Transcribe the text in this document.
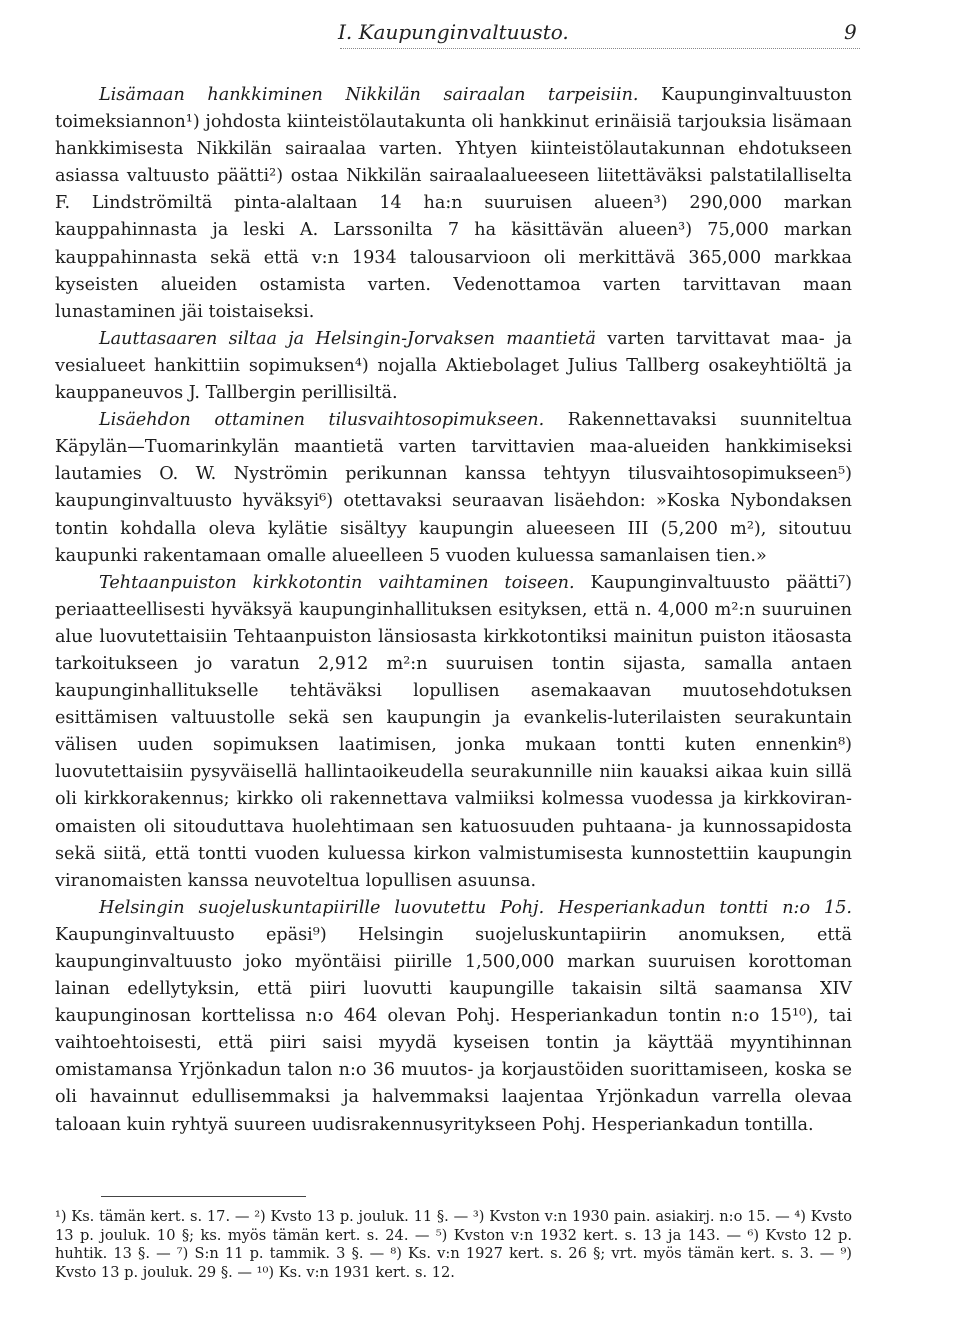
I. Kaupunginvaltuusto.	9

Lisämaan hankkiminen Nikkilän sairaalan tarpeisiin. Kaupunginvaltuuston toimeksiannon¹) johdosta kiinteistölautakunta oli hankkinut erinäisiä tarjouksia lisämaan hankkimisesta Nikkilän sairaalaa varten. Yhtyen kiinteistölautakunnan ehdotukseen asiassa valtuusto päätti²) ostaa Nikkilän sairaalaalueeseen liitettäväksi palstatilalliselta F. Lindströmiltä pinta-alaltaan 14 ha:n suuruisen alueen³) 290,000 markan kauppahinnasta ja leski A. Larssonilta 7 ha käsittävän alueen³) 75,000 markan kauppahinnasta sekä että v:n 1934 talousarvioon oli merkittävä 365,000 markkaa kyseisten alueiden ostamista varten. Vedenottamoa varten tarvittavan maan lunastaminen jäi toistaiseksi.

Lauttasaaren siltaa ja Helsingin-Jorvaksen maantietä varten tarvittavat maa- ja vesialueet hankittiin sopimuksen⁴) nojalla Aktiebolaget Julius Tallberg osakeyhtiöltä ja kauppaneuvos J. Tallbergin perillisiltä.

Lisäehdon ottaminen tilusvaihtosopimukseen. Rakennettavaksi suunniteltua Käpylän—Tuomarinkylän maantietä varten tarvittavien maa-alueiden hankkimiseksi lautamies O. W. Nyströmin perikunnan kanssa tehtyyn tilusvaihtosopimukseen⁵) kaupunginvaltuusto hyväksyi⁶) otettavaksi seuraavan lisäehdon: »Koska Nybondaksen tontin kohdalla oleva kylätie sisältyy kaupungin alueeseen III (5,200 m²), sitoutuu kaupunki rakentamaan omalle alueelleen 5 vuoden kuluessa samanlaisen tien.»

Tehtaanpuiston kirkkotontin vaihtaminen toiseen. Kaupunginvaltuusto päätti⁷) periaatteellisesti hyväksyä kaupunginhallituksen esityksen, että n. 4,000 m²:n suuruinen alue luovutettaisiin Tehtaanpuiston länsiosasta kirkkotontiksi mainitun puiston itäosasta tarkoitukseen jo varatun 2,912 m²:n suuruisen tontin sijasta, samalla antaen kaupunginhallitukselle tehtäväksi lopullisen asemakaavan muutosehdotuksen esittämisen valtuustolle sekä sen kaupungin ja evankelis-luterilaisten seurakuntain välisen uuden sopimuksen laatimisen, jonka mukaan tontti kuten ennenkin⁸) luovutettaisiin pysyväisellä hallintaoikeudella seurakunnille niin kauaksi aikaa kuin sillä oli kirkkorakennus; kirkko oli rakennettava valmiiksi kolmessa vuodessa ja kirkkoviranomaisten oli sitouduttava huolehtimaan sen katuosuuden puhtaana- ja kunnossapidosta sekä siitä, että tontti vuoden kuluessa kirkon valmistumisesta kunnostettiin kaupungin viranomaisten kanssa neuvoteltua lopullisen asuunsa.

Helsingin suojeluskuntapiirille luovutettu Pohj. Hesperiankadun tontti n:o 15. Kaupunginvaltuusto epäsi⁹) Helsingin suojeluskuntapiirin anomuksen, että kaupunginvaltuusto joko myöntäisi piirille 1,500,000 markan suuruisen korottoman lainan edellytyksin, että piiri luovutti kaupungille takaisin siltä saamansa XIV kaupunginosan korttelissa n:o 464 olevan Pohj. Hesperiankadun tontin n:o 15¹⁰), tai vaihtoehtoisesti, että piiri saisi myydä kyseisen tontin ja käyttää myyntihinnan omistamansa Yrjönkadun talon n:o 36 muutos- ja korjaustöiden suorittamiseen, koska se oli havainnut edullisemmaksi ja halvemmaksi laajentaa Yrjönkadun varrella olevaa taloaan kuin ryhtyä suureen uudisrakennusyritykseen Pohj. Hesperiankadun tontilla.

¹) Ks. tämän kert. s. 17. — ²) Kvsto 13 p. jouluk. 11 §. — ³) Kvston v:n 1930 pain. asiakirj. n:o 15. — ⁴) Kvsto 13 p. jouluk. 10 §; ks. myös tämän kert. s. 24. — ⁵) Kvston v:n 1932 kert. s. 13 ja 143. — ⁶) Kvsto 12 p. huhtik. 13 §. — ⁷) S:n 11 p. tammik. 3 §. — ⁸) Ks. v:n 1927 kert. s. 26 §; vrt. myös tämän kert. s. 3. — ⁹) Kvsto 13 p. jouluk. 29 §. — ¹⁰) Ks. v:n 1931 kert. s. 12.
